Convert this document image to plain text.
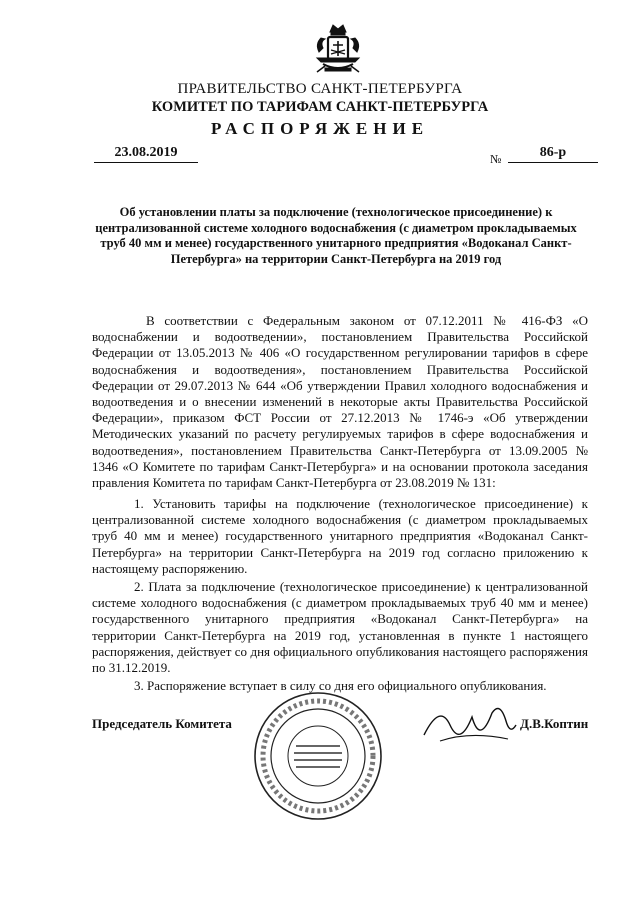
ПРАВИТЕЛЬСТВО САНКТ-ПЕТЕРБУРГА
КОМИТЕТ ПО ТАРИФАМ САНКТ-ПЕТЕРБУРГА
РАСПОРЯЖЕНИЕ
23.08.2019	№	86-р
Об установлении платы за подключение (технологическое присоединение) к централизованной системе холодного водоснабжения (с диаметром прокладываемых труб 40 мм и менее) государственного унитарного предприятия «Водоканал Санкт-Петербурга» на территории Санкт-Петербурга на 2019 год

В соответствии с Федеральным законом от 07.12.2011 № 416-ФЗ «О водоснабжении и водоотведении», постановлением Правительства Российской Федерации от 13.05.2013 № 406 «О государственном регулировании тарифов в сфере водоснабжения и водоотведения», постановлением Правительства Российской Федерации от 29.07.2013 № 644 «Об утверждении Правил холодного водоснабжения и водоотведения и о внесении изменений в некоторые акты Правительства Российской Федерации», приказом ФСТ России от 27.12.2013 № 1746-э «Об утверждении Методических указаний по расчету регулируемых тарифов в сфере водоснабжения и водоотведения», постановлением Правительства Санкт-Петербурга от 13.09.2005 № 1346 «О Комитете по тарифам Санкт-Петербурга» и на основании протокола заседания правления Комитета по тарифам Санкт-Петербурга от 23.08.2019 № 131:

1. Установить тарифы на подключение (технологическое присоединение) к централизованной системе холодного водоснабжения (с диаметром прокладываемых труб 40 мм и менее) государственного унитарного предприятия «Водоканал Санкт-Петербурга» на территории Санкт-Петербурга на 2019 год согласно приложению к настоящему распоряжению.

2. Плата за подключение (технологическое присоединение) к централизованной системе холодного водоснабжения (с диаметром прокладываемых труб 40 мм и менее) государственного унитарного предприятия «Водоканал Санкт-Петербурга» на территории Санкт-Петербурга на 2019 год, установленная в пункте 1 настоящего распоряжения, действует со дня официального опубликования настоящего распоряжения по 31.12.2019.

3. Распоряжение вступает в силу со дня его официального опубликования.

Председатель Комитета	Д.В.Коптин
